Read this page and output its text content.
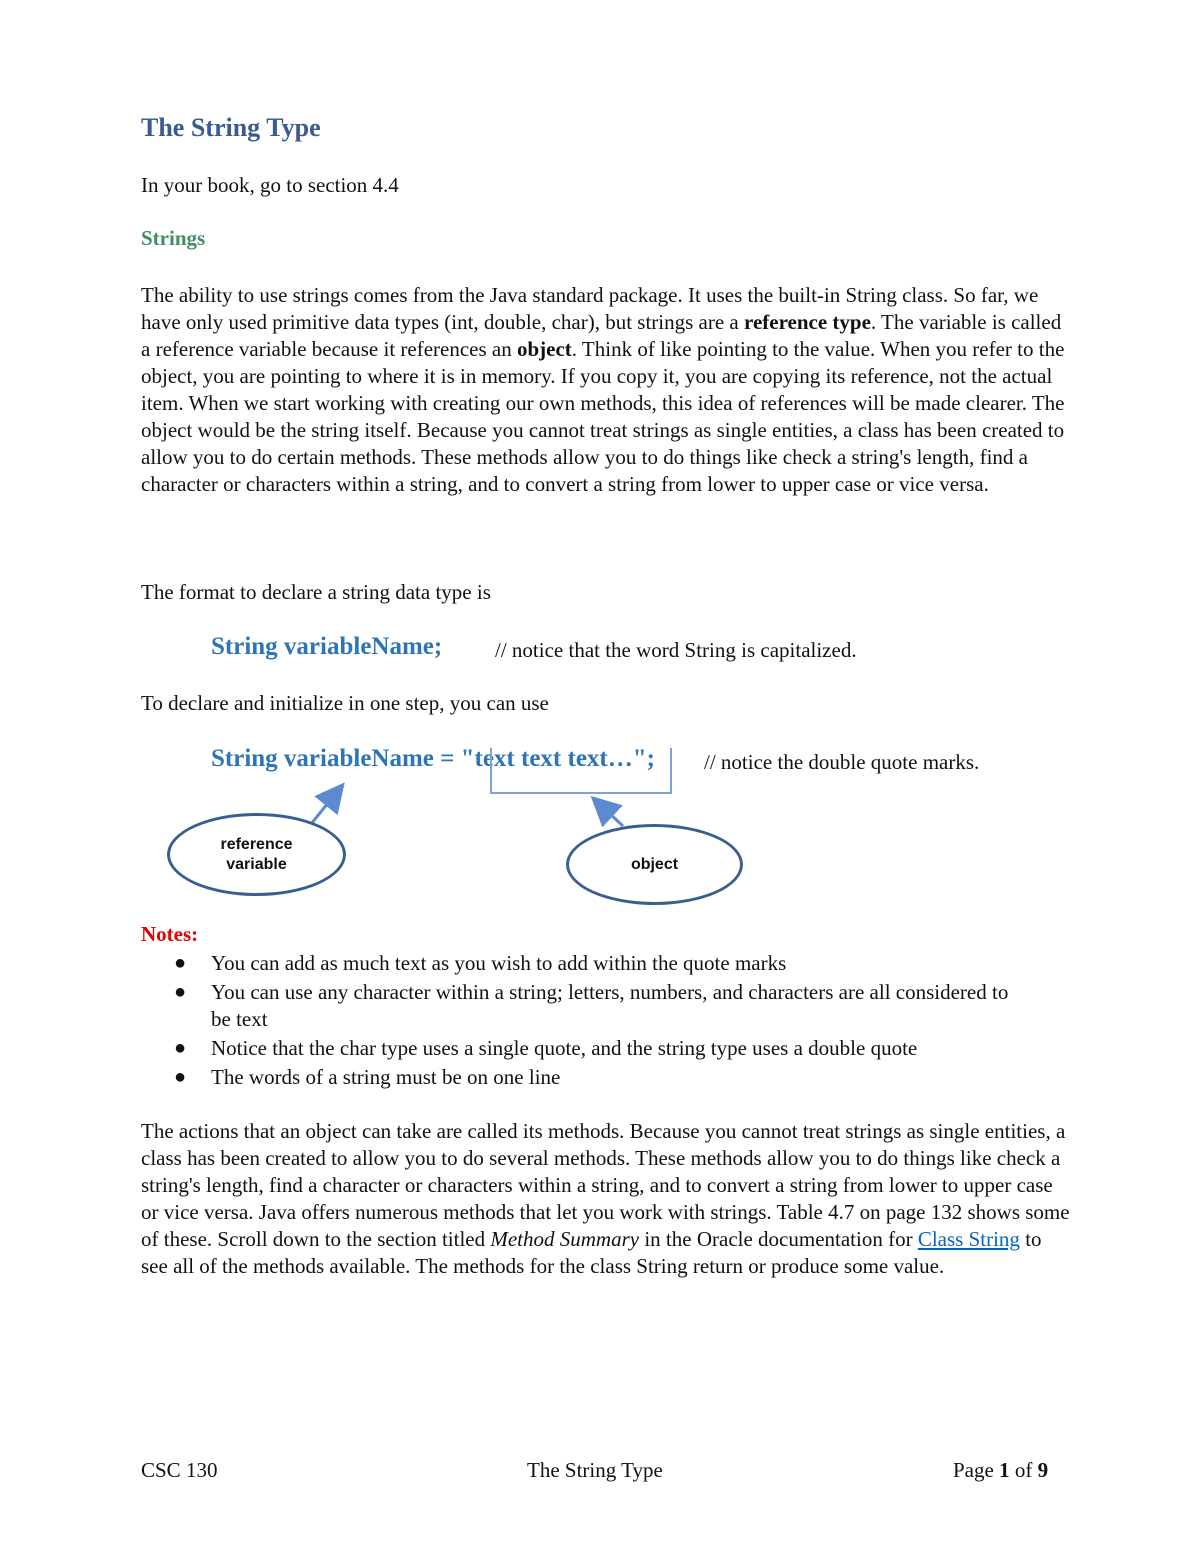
The String Type
In your book, go to section 4.4
Strings
The ability to use strings comes from the Java standard package. It uses the built-in String class. So far, we have only used primitive data types (int, double, char), but strings are a reference type. The variable is called a reference variable because it references an object. Think of like pointing to the value. When you refer to the object, you are pointing to where it is in memory. If you copy it, you are copying its reference, not the actual item. When we start working with creating our own methods, this idea of references will be made clearer. The object would be the string itself. Because you cannot treat strings as single entities, a class has been created to allow you to do certain methods. These methods allow you to do things like check a string's length, find a character or characters within a string, and to convert a string from lower to upper case or vice versa.
The format to declare a string data type is
String variableName;	// notice that the word String is capitalized.
To declare and initialize in one step, you can use
String variableName = "text text text…"; // notice the double quote marks.
reference variable	object
Notes:
● You can add as much text as you wish to add within the quote marks
● You can use any character within a string; letters, numbers, and characters are all considered to be text
● Notice that the char type uses a single quote, and the string type uses a double quote
● The words of a string must be on one line
The actions that an object can take are called its methods. Because you cannot treat strings as single entities, a class has been created to allow you to do several methods. These methods allow you to do things like check a string's length, find a character or characters within a string, and to convert a string from lower to upper case or vice versa. Java offers numerous methods that let you work with strings. Table 4.7 on page 132 shows some of these. Scroll down to the section titled Method Summary in the Oracle documentation for Class String to see all of the methods available. The methods for the class String return or produce some value.
CSC 130	The String Type	Page 1 of 9
